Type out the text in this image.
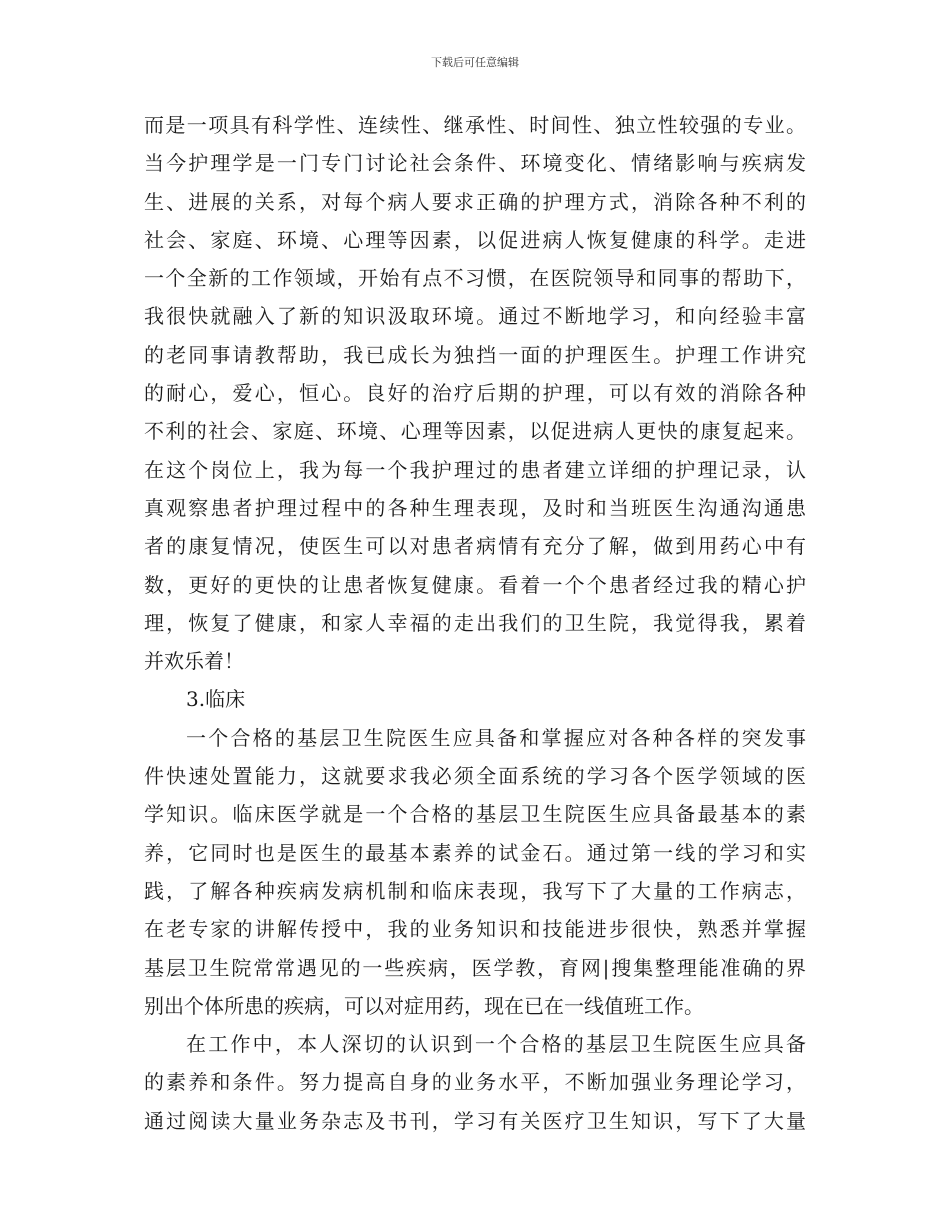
下载后可任意编辑
而是一项具有科学性、连续性、继承性、时间性、独立性较强的专业。
当今护理学是一门专门讨论社会条件、环境变化、情绪影响与疾病发
生、进展的关系，对每个病人要求正确的护理方式，消除各种不利的
社会、家庭、环境、心理等因素，以促进病人恢复健康的科学。走进
一个全新的工作领域，开始有点不习惯，在医院领导和同事的帮助下，
我很快就融入了新的知识汲取环境。通过不断地学习，和向经验丰富
的老同事请教帮助，我已成长为独挡一面的护理医生。护理工作讲究
的耐心，爱心，恒心。良好的治疗后期的护理，可以有效的消除各种
不利的社会、家庭、环境、心理等因素，以促进病人更快的康复起来。
在这个岗位上，我为每一个我护理过的患者建立详细的护理记录，认
真观察患者护理过程中的各种生理表现，及时和当班医生沟通沟通患
者的康复情况，使医生可以对患者病情有充分了解，做到用药心中有
数，更好的更快的让患者恢复健康。看着一个个患者经过我的精心护
理，恢复了健康，和家人幸福的走出我们的卫生院，我觉得我，累着
并欢乐着！
3.临床
一个合格的基层卫生院医生应具备和掌握应对各种各样的突发事
件快速处置能力，这就要求我必须全面系统的学习各个医学领域的医
学知识。临床医学就是一个合格的基层卫生院医生应具备最基本的素
养，它同时也是医生的最基本素养的试金石。通过第一线的学习和实
践，了解各种疾病发病机制和临床表现，我写下了大量的工作病志，
在老专家的讲解传授中，我的业务知识和技能进步很快，熟悉并掌握
基层卫生院常常遇见的一些疾病，医学教，育网|搜集整理能准确的界
别出个体所患的疾病，可以对症用药，现在已在一线值班工作。
在工作中，本人深切的认识到一个合格的基层卫生院医生应具备
的素养和条件。努力提高自身的业务水平，不断加强业务理论学习，
通过阅读大量业务杂志及书刊，学习有关医疗卫生知识，写下了大量
